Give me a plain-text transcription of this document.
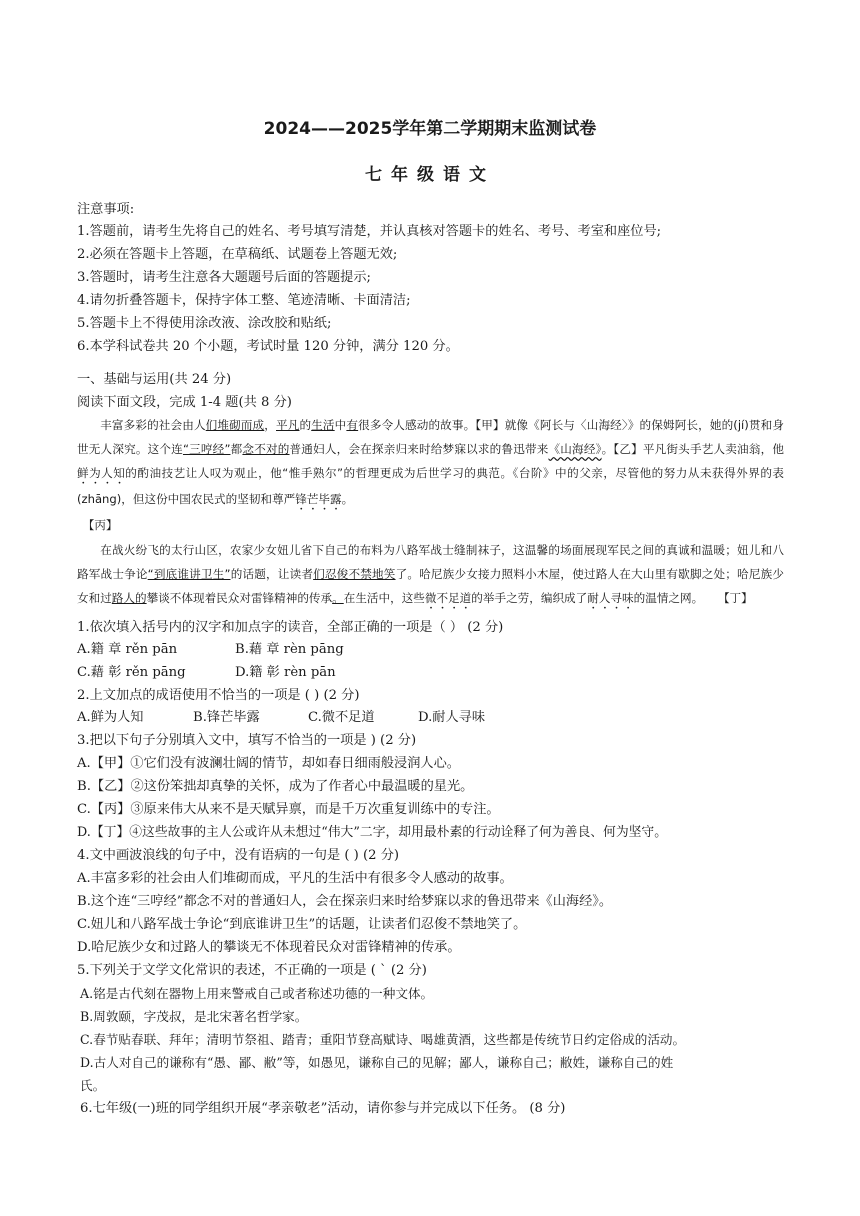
2024——2025学年第二学期期末监测试卷
七年级语文
注意事项:
1.答题前，请考生先将自己的姓名、考号填写清楚，并认真核对答题卡的姓名、考号、考室和座位号;
2.必须在答题卡上答题，在草稿纸、试题卷上答题无效;
3.答题时，请考生注意各大题题号后面的答题提示;
4.请勿折叠答题卡，保持字体工整、笔迹清晰、卡面清洁;
5.答题卡上不得使用涂改液、涂改胶和贴纸;
6.本学科试卷共 20 个小题，考试时量 120 分钟，满分 120 分。
一、基础与运用(共 24 分)
阅读下面文段，完成 1-4 题(共 8 分)

丰富多彩的社会由人们堆砌而成，平凡的生活中有很多令人感动的故事。【甲】就像《阿长与〈山海经〉》的保姆阿长，她的(jí)贯和身世无人深究。这个连“三哼经”都念不对的普通妇人，会在探亲归来时给梦寐以求的鲁迅带来《山海经》。【乙】平凡街头手艺人卖油翁，他鲜为人知的酌油技艺让人叹为观止，他“惟手熟尔”的哲理更成为后世学习的典范。《台阶》中的父亲，尽管他的努力从未获得外界的表(zhāng)，但这份中国农民式的坚韧和尊严锋芒毕露。

【丙】

在战火纷飞的太行山区，农家少女妞儿省下自己的布料为八路军战士缝制袜子，这温馨的场面展现军民之间的真诚和温暖；妞儿和八路军战士争论“到底谁讲卫生”的话题，让读者们忍俊不禁地笑了。哈尼族少女接力照料小木屋，使过路人在大山里有歇脚之处；哈尼族少女和过路人的攀谈不体现着民众对雷锋精神的传承。在生活中，这些微不足道的举手之劳，编织成了耐人寻味的温情之网。 【丁】

1.依次填入括号内的汉字和加点字的读音，全部正确的一项是（ ） (2 分)
A.籍 章 rěn pān	B.藉 章 rèn pāng
C.藉 彰 rěn pāng	D.籍 彰 rèn pān
2.上文加点的成语使用不恰当的一项是 ( ) (2 分)
A.鲜为人知	B.锋芒毕露	C.微不足道	D.耐人寻味
3.把以下句子分别填入文中，填写不恰当的一项是 ) (2 分)
A.【甲】①它们没有波澜壮阔的情节，却如春日细雨般浸润人心。
B.【乙】②这份笨拙却真挚的关怀，成为了作者心中最温暖的星光。
C.【丙】③原来伟大从来不是天赋异禀，而是千万次重复训练中的专注。
D.【丁】④这些故事的主人公或许从未想过“伟大”二字，却用最朴素的行动诠释了何为善良、何为坚守。
4.文中画波浪线的句子中，没有语病的一句是 ( ) (2 分)
A.丰富多彩的社会由人们堆砌而成，平凡的生活中有很多令人感动的故事。
B.这个连“三哼经”都念不对的普通妇人，会在探亲归来时给梦寐以求的鲁迅带来《山海经》。
C.妞儿和八路军战士争论“到底谁讲卫生”的话题，让读者们忍俊不禁地笑了。
D.哈尼族少女和过路人的攀谈无不体现着民众对雷锋精神的传承。
5.下列关于文学文化常识的表述，不正确的一项是 ( ` (2 分)
A.铭是古代刻在器物上用来警戒自己或者称述功德的一种文体。
B.周敦颐，字茂叔，是北宋著名哲学家。
C.春节贴春联、拜年；清明节祭祖、踏青；重阳节登高赋诗、喝雄黄酒，这些都是传统节日约定俗成的活动。
D.古人对自己的谦称有“愚、鄙、敝”等，如愚见，谦称自己的见解；鄙人，谦称自己；敝姓，谦称自己的姓
氏。
6.七年级(一)班的同学组织开展“孝亲敬老”活动，请你参与并完成以下任务。 (8 分)
